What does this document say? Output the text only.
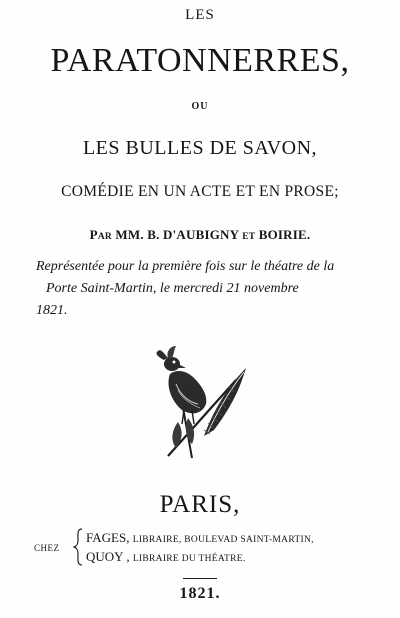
LES
PARATONNERRES,
OU
LES BULLES DE SAVON,
COMÉDIE EN UN ACTE ET EN PROSE;
PAR MM. B. D'AUBIGNY ET BOIRIE.
Représentée pour la première fois sur le théatre de la
Porte Saint-Martin, le mercredi 21 novembre
1821.
PARIS,
CHEZ
FAGES, LIBRAIRE, BOULEVAD SAINT-MARTIN,
QUOY , LIBRAIRE DU THÉATRE.
1821.
